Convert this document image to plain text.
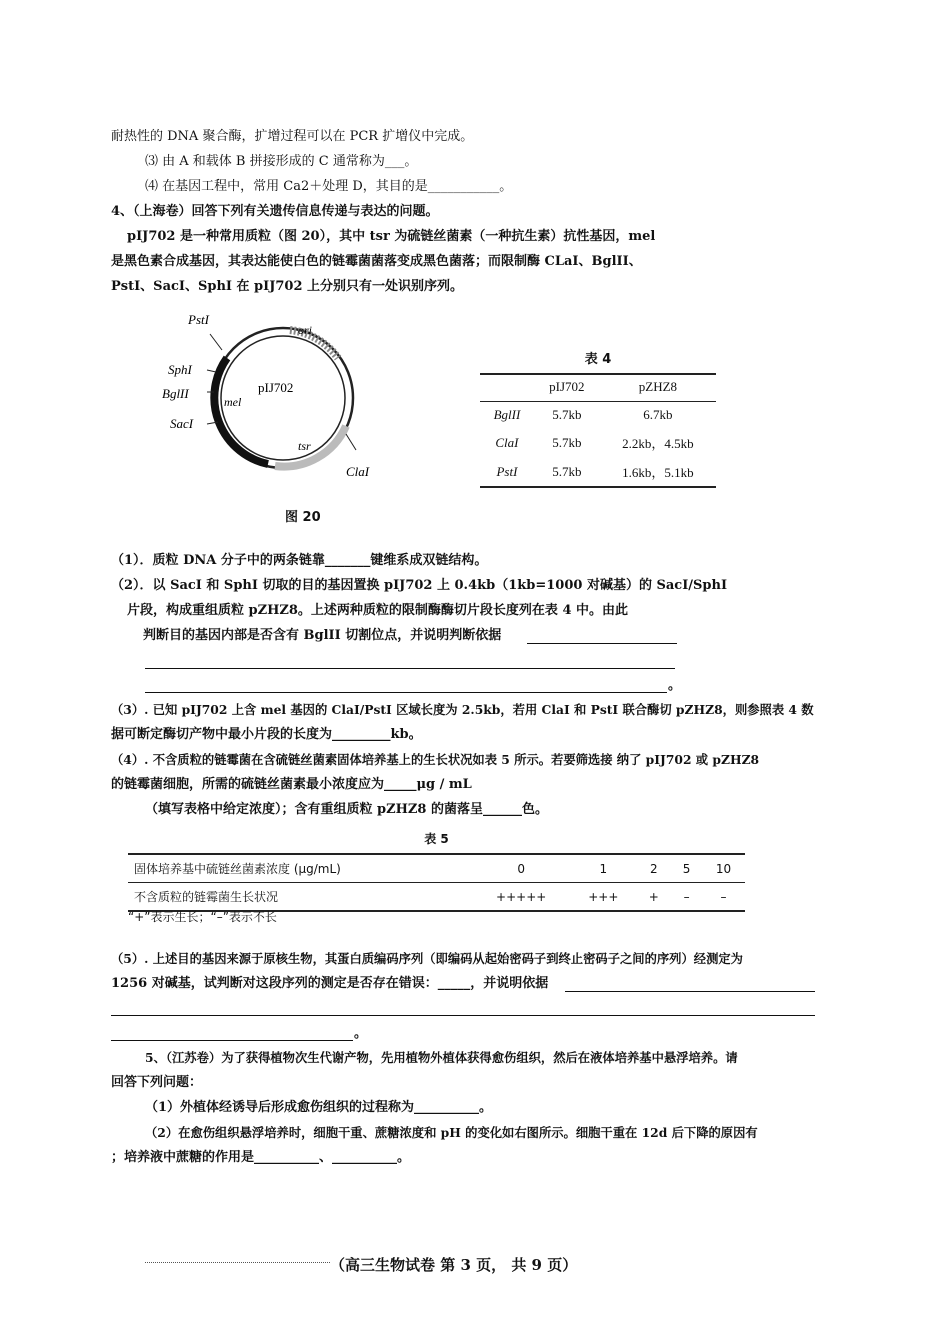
耐热性的 DNA 聚合酶，扩增过程可以在 PCR 扩增仪中完成。
⑶ 由 A 和载体 B 拼接形成的 C 通常称为___。
⑷ 在基因工程中，常用 Ca2＋处理 D，其目的是___________。
4、（上海卷）回答下列有关遗传信息传递与表达的问题。
pIJ702 是一种常用质粒（图 20），其中 tsr 为硫链丝菌素（一种抗生素）抗性基因，mel
是黑色素合成基因，其表达能使白色的链霉菌菌落变成黑色菌落；而限制酶 CLaI、BglII、
PstI、SacI、SphI 在 pIJ702 上分别只有一处识别序列。
PstI
SphI
BglII
SacI
ClaI
ori
mel
tsr
pIJ702
图 20
表 4
	pIJ702	pZHZ8
BglII	5.7kb	6.7kb
ClaI	5.7kb	2.2kb，4.5kb
PstI	5.7kb	1.6kb，5.1kb
（1）．质粒 DNA 分子中的两条链靠_______键维系成双链结构。
（2）．以 SacI 和 SphI 切取的目的基因置换 pIJ702 上 0.4kb（1kb=1000 对碱基）的 SacI/SphI
片段，构成重组质粒 pZHZ8。上述两种质粒的限制酶酶切片段长度列在表 4 中。由此
判断目的基因内部是否含有 BglII 切割位点，并说明判断依据
。
（3）. 已知 pIJ702 上含 mel 基因的 ClaI/PstI 区域长度为 2.5kb，若用 ClaI 和 PstI 联合酶切 pZHZ8，则参照表 4 数
据可断定酶切产物中最小片段的长度为_________kb。
（4）. 不含质粒的链霉菌在含硫链丝菌素固体培养基上的生长状况如表 5 所示。若要筛选接 纳了 pIJ702 或 pZHZ8
的链霉菌细胞，所需的硫链丝菌素最小浓度应为_____μg / mL
（填写表格中给定浓度）；含有重组质粒 pZHZ8 的菌落呈______色。
表 5
固体培养基中硫链丝菌素浓度 (μg/mL)	0	1	2	5	10
不含质粒的链霉菌生长状况	+++++	+++	+	–	–
“+”表示生长；“–”表示不长
（5）. 上述目的基因来源于原核生物，其蛋白质编码序列（即编码从起始密码子到终止密码子之间的序列）经测定为
1256 对碱基，试判断对这段序列的测定是否存在错误：_____，并说明依据
。
5、（江苏卷）为了获得植物次生代谢产物，先用植物外植体获得愈伤组织，然后在液体培养基中悬浮培养。请
回答下列问题：
（1）外植体经诱导后形成愈伤组织的过程称为__________。
（2）在愈伤组织悬浮培养时，细胞干重、蔗糖浓度和 pH 的变化如右图所示。细胞干重在 12d 后下降的原因有
；培养液中蔗糖的作用是__________、__________。
（高三生物试卷 第 3 页， 共 9 页）
